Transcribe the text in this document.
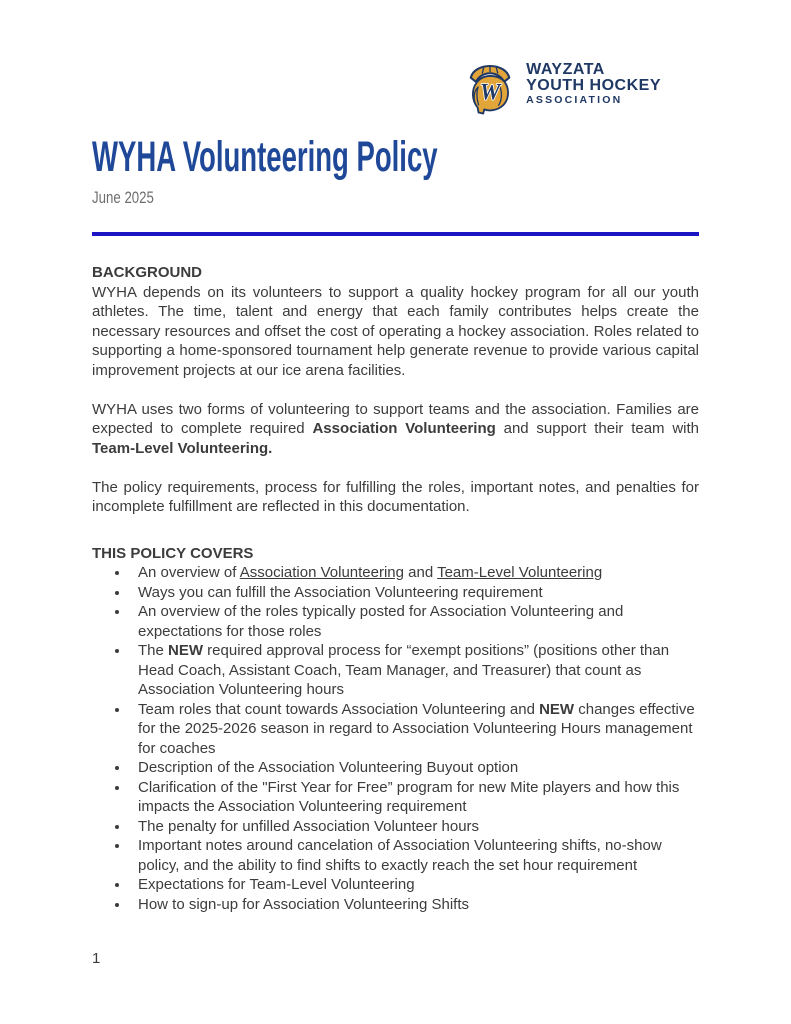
W
WAYZATA
YOUTH HOCKEY
ASSOCIATION
WYHA Volunteering Policy
June 2025
BACKGROUND

WYHA depends on its volunteers to support a quality hockey program for all our youth athletes. The time, talent and energy that each family contributes helps create the necessary resources and offset the cost of operating a hockey association. Roles related to supporting a home-sponsored tournament help generate revenue to provide various capital improvement projects at our ice arena facilities.

WYHA uses two forms of volunteering to support teams and the association. Families are expected to complete required Association Volunteering and support their team with Team-Level Volunteering.

The policy requirements, process for fulfilling the roles, important notes, and penalties for incomplete fulfillment are reflected in this documentation.

THIS POLICY COVERS
• An overview of Association Volunteering and Team-Level Volunteering
• Ways you can fulfill the Association Volunteering requirement
• An overview of the roles typically posted for Association Volunteering and expectations for those roles
• The NEW required approval process for “exempt positions” (positions other than Head Coach, Assistant Coach, Team Manager, and Treasurer) that count as Association Volunteering hours
• Team roles that count towards Association Volunteering and NEW changes effective for the 2025-2026 season in regard to Association Volunteering Hours management for coaches
• Description of the Association Volunteering Buyout option
• Clarification of the "First Year for Free” program for new Mite players and how this impacts the Association Volunteering requirement
• The penalty for unfilled Association Volunteer hours
• Important notes around cancelation of Association Volunteering shifts, no-show policy, and the ability to find shifts to exactly reach the set hour requirement
• Expectations for Team-Level Volunteering
• How to sign-up for Association Volunteering Shifts
1
